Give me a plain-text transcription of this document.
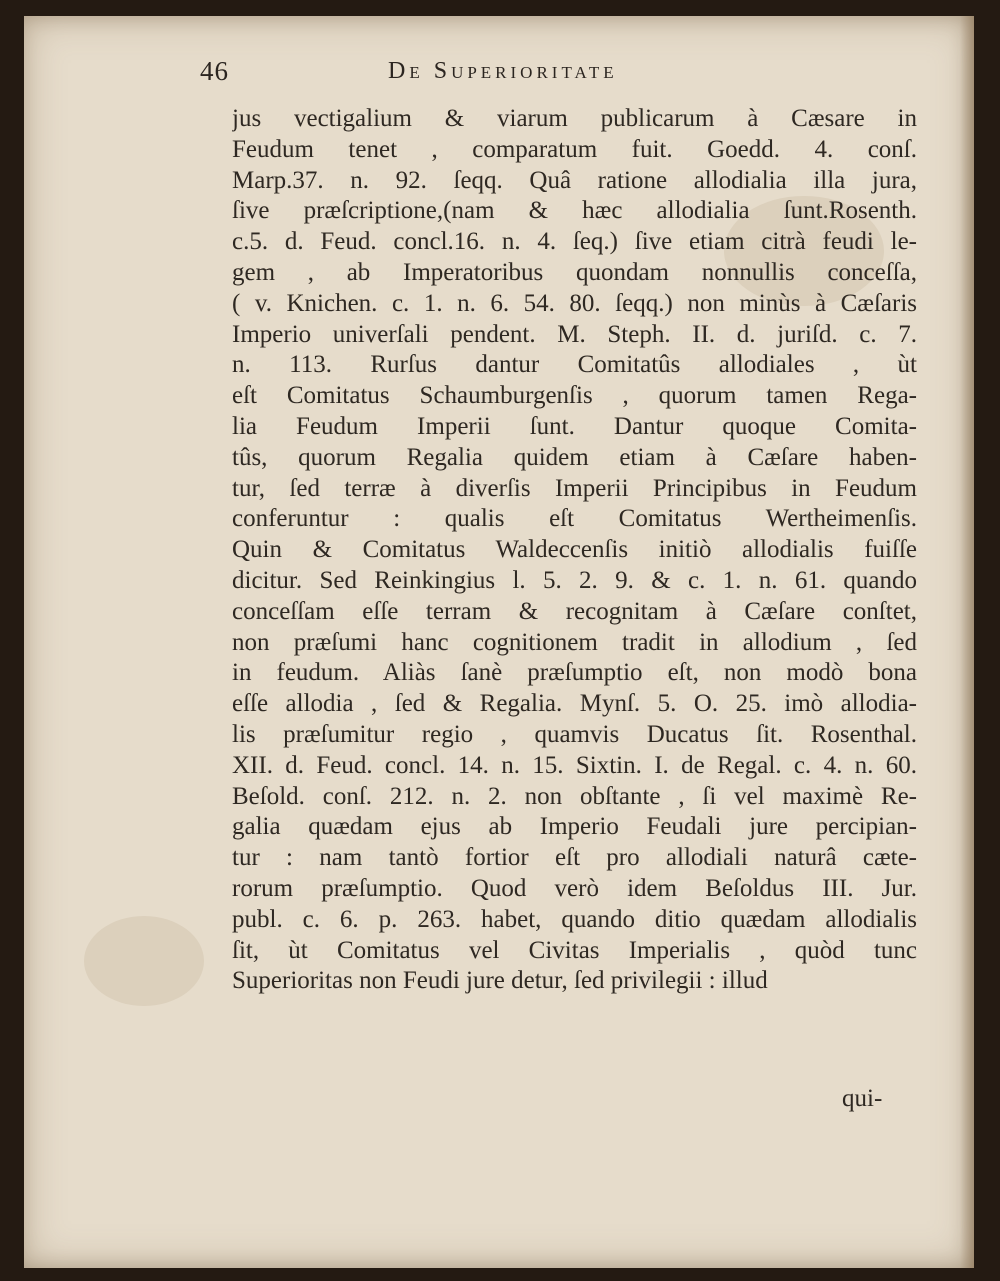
46	De Superioritate
jus vectigalium & viarum publicarum à Cæsare in
Feudum tenet , comparatum fuit. Goedd. 4. conſ.
Marp.37. n. 92. ſeqq. Quâ ratione allodialia illa jura,
ſive præſcriptione,(nam & hæc allodialia ſunt.Rosenth.
c.5. d. Feud. concl.16. n. 4. ſeq.) ſive etiam citrà feudi le-
gem , ab Imperatoribus quondam nonnullis conceſſa,
( v. Knichen. c. 1. n. 6. 54. 80. ſeqq.) non minùs à Cæſaris
Imperio univerſali pendent. M. Steph. II. d. juriſd. c. 7.
n. 113. Rurſus dantur Comitatûs allodiales , ùt
eſt Comitatus Schaumburgenſis , quorum tamen Rega-
lia Feudum Imperii ſunt. Dantur quoque Comita-
tûs, quorum Regalia quidem etiam à Cæſare haben-
tur, ſed terræ à diverſis Imperii Principibus in Feudum
conferuntur : qualis eſt Comitatus Wertheimenſis.
Quin & Comitatus Waldeccenſis initiò allodialis fuiſſe
dicitur. Sed Reinkingius l. 5. 2. 9. & c. 1. n. 61. quando
conceſſam eſſe terram & recognitam à Cæſare conſtet,
non præſumi hanc cognitionem tradit in allodium , ſed
in feudum. Aliàs ſanè præſumptio eſt, non modò bona
eſſe allodia , ſed & Regalia. Mynſ. 5. O. 25. imò allodia-
lis præſumitur regio , quamvis Ducatus ſit. Rosenthal.
XII. d. Feud. concl. 14. n. 15. Sixtin. I. de Regal. c. 4. n. 60.
Beſold. conſ. 212. n. 2. non obſtante , ſi vel maximè Re-
galia quædam ejus ab Imperio Feudali jure percipian-
tur : nam tantò fortior eſt pro allodiali naturâ cæte-
rorum præſumptio. Quod verò idem Beſoldus III. Jur.
publ. c. 6. p. 263. habet, quando ditio quædam allodialis
ſit, ùt Comitatus vel Civitas Imperialis , quòd tunc
Superioritas non Feudi jure detur, ſed privilegii : illud
qui-
